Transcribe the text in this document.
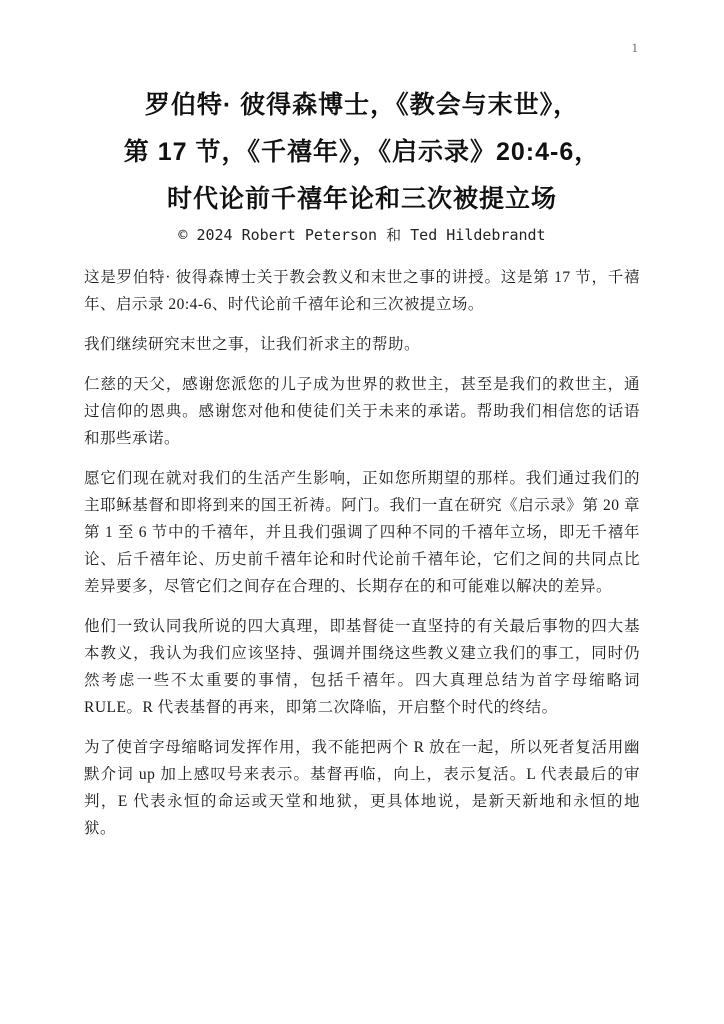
1
罗伯特· 彼得森博士，《教会与末世》，
第 17 节，《千禧年》，《启示录》20:4-6，
时代论前千禧年论和三次被提立场
© 2024 Robert Peterson 和 Ted Hildebrandt

这是罗伯特· 彼得森博士关于教会教义和末世之事的讲授。这是第 17 节，千禧年、启示录 20:4-6、时代论前千禧年论和三次被提立场。

我们继续研究末世之事，让我们祈求主的帮助。

仁慈的天父，感谢您派您的儿子成为世界的救世主，甚至是我们的救世主，通过信仰的恩典。感谢您对他和使徒们关于未来的承诺。帮助我们相信您的话语和那些承诺。

愿它们现在就对我们的生活产生影响，正如您所期望的那样。我们通过我们的主耶稣基督和即将到来的国王祈祷。阿门。我们一直在研究《启示录》第 20 章第 1 至 6 节中的千禧年，并且我们强调了四种不同的千禧年立场，即无千禧年论、后千禧年论、历史前千禧年论和时代论前千禧年论，它们之间的共同点比差异要多，尽管它们之间存在合理的、长期存在的和可能难以解决的差异。

他们一致认同我所说的四大真理，即基督徒一直坚持的有关最后事物的四大基本教义，我认为我们应该坚持、强调并围绕这些教义建立我们的事工，同时仍然考虑一些不太重要的事情，包括千禧年。四大真理总结为首字母缩略词 RULE。R 代表基督的再来，即第二次降临，开启整个时代的终结。

为了使首字母缩略词发挥作用，我不能把两个 R 放在一起，所以死者复活用幽默介词 up 加上感叹号来表示。基督再临，向上，表示复活。L 代表最后的审判，E 代表永恒的命运或天堂和地狱，更具体地说，是新天新地和永恒的地狱。
